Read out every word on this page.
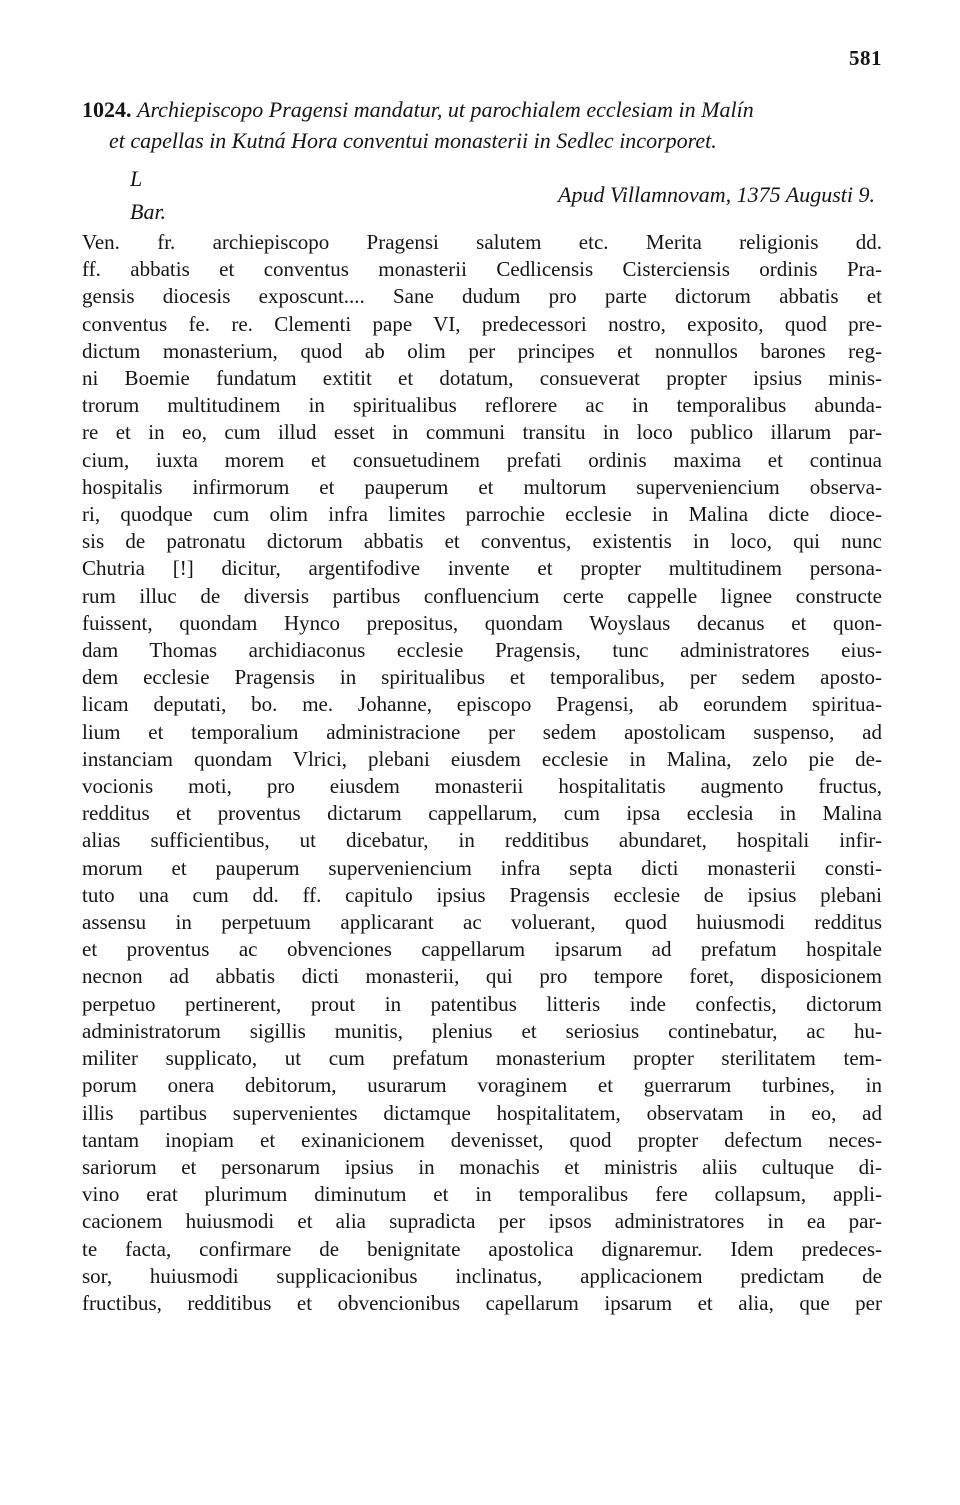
581
1024. Archiepiscopo Pragensi mandatur, ut parochialem ecclesiam in Malín
et capellas in Kutná Hora conventui monasterii in Sedlec incorporet.
L
Bar.
Apud Villamnovam, 1375 Augusti 9.
Ven. fr. archiepiscopo Pragensi salutem etc. Merita religionis dd.
ff. abbatis et conventus monasterii Cedlicensis Cisterciensis ordinis Pra-
gensis diocesis exposcunt.... Sane dudum pro parte dictorum abbatis et
conventus fe. re. Clementi pape VI, predecessori nostro, exposito, quod pre-
dictum monasterium, quod ab olim per principes et nonnullos barones reg-
ni Boemie fundatum extitit et dotatum, consueverat propter ipsius minis-
trorum multitudinem in spiritualibus reflorere ac in temporalibus abunda-
re et in eo, cum illud esset in communi transitu in loco publico illarum par-
cium, iuxta morem et consuetudinem prefati ordinis maxima et continua
hospitalis infirmorum et pauperum et multorum superveniencium observa-
ri, quodque cum olim infra limites parrochie ecclesie in Malina dicte dioce-
sis de patronatu dictorum abbatis et conventus, existentis in loco, qui nunc
Chutria [!] dicitur, argentifodive invente et propter multitudinem persona-
rum illuc de diversis partibus confluencium certe cappelle lignee constructe
fuissent, quondam Hynco prepositus, quondam Woyslaus decanus et quon-
dam Thomas archidiaconus ecclesie Pragensis, tunc administratores eius-
dem ecclesie Pragensis in spiritualibus et temporalibus, per sedem aposto-
licam deputati, bo. me. Johanne, episcopo Pragensi, ab eorundem spiritua-
lium et temporalium administracione per sedem apostolicam suspenso, ad
instanciam quondam Vlrici, plebani eiusdem ecclesie in Malina, zelo pie de-
vocionis moti, pro eiusdem monasterii hospitalitatis augmento fructus,
redditus et proventus dictarum cappellarum, cum ipsa ecclesia in Malina
alias sufficientibus, ut dicebatur, in redditibus abundaret, hospitali infir-
morum et pauperum superveniencium infra septa dicti monasterii consti-
tuto una cum dd. ff. capitulo ipsius Pragensis ecclesie de ipsius plebani
assensu in perpetuum applicarant ac voluerant, quod huiusmodi redditus
et proventus ac obvenciones cappellarum ipsarum ad prefatum hospitale
necnon ad abbatis dicti monasterii, qui pro tempore foret, disposicionem
perpetuo pertinerent, prout in patentibus litteris inde confectis, dictorum
administratorum sigillis munitis, plenius et seriosius continebatur, ac hu-
militer supplicato, ut cum prefatum monasterium propter sterilitatem tem-
porum onera debitorum, usurarum voraginem et guerrarum turbines, in
illis partibus supervenientes dictamque hospitalitatem, observatam in eo, ad
tantam inopiam et exinanicionem devenisset, quod propter defectum neces-
sariorum et personarum ipsius in monachis et ministris aliis cultuque di-
vino erat plurimum diminutum et in temporalibus fere collapsum, appli-
cacionem huiusmodi et alia supradicta per ipsos administratores in ea par-
te facta, confirmare de benignitate apostolica dignaremur. Idem predeces-
sor, huiusmodi supplicacionibus inclinatus, applicacionem predictam de
fructibus, redditibus et obvencionibus capellarum ipsarum et alia, que per
